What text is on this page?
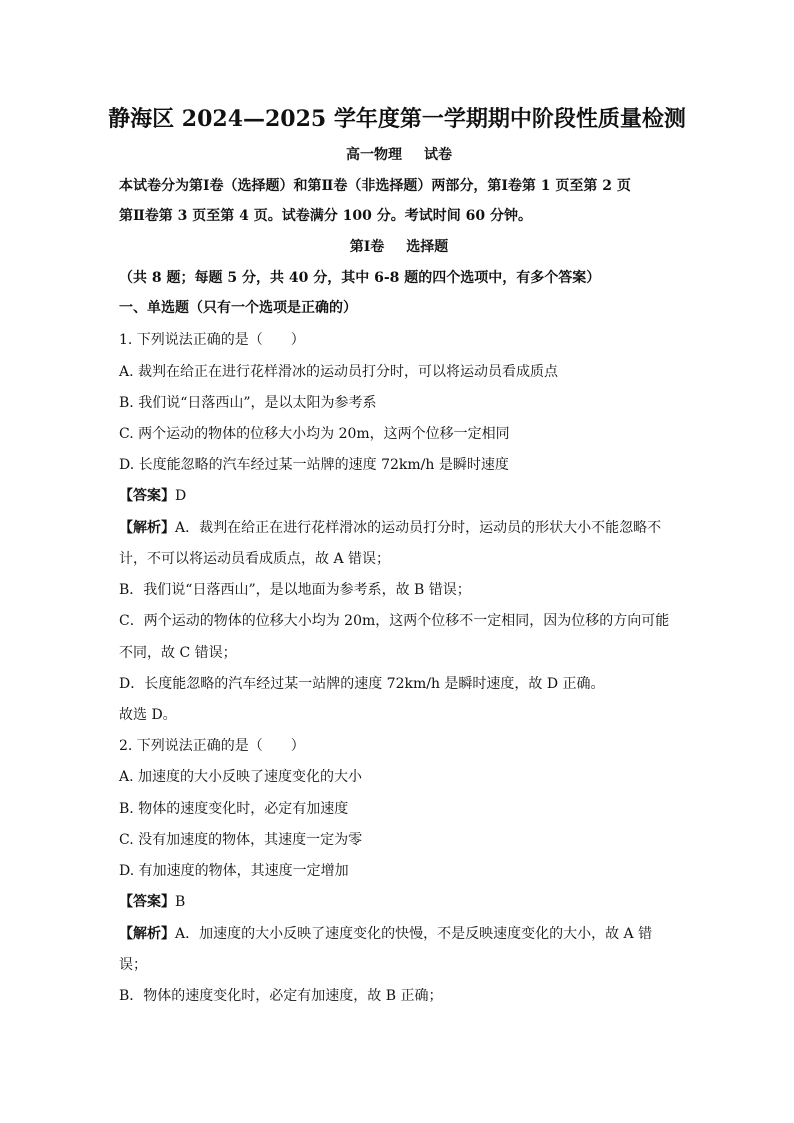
静海区 2024—2025 学年度第一学期期中阶段性质量检测
高一物理 试卷
本试卷分为第Ⅰ卷（选择题）和第Ⅱ卷（非选择题）两部分，第Ⅰ卷第 1 页至第 2 页
第Ⅱ卷第 3 页至第 4 页。试卷满分 100 分。考试时间 60 分钟。
第Ⅰ卷 选择题
（共 8 题；每题 5 分，共 40 分，其中 6-8 题的四个选项中，有多个答案）
一、单选题（只有一个选项是正确的）
1. 下列说法正确的是（　　）
A. 裁判在给正在进行花样滑冰的运动员打分时，可以将运动员看成质点
B. 我们说“日落西山”，是以太阳为参考系
C. 两个运动的物体的位移大小均为 20m，这两个位移一定相同
D. 长度能忽略的汽车经过某一站牌的速度 72km/h 是瞬时速度
【答案】D
【解析】A．裁判在给正在进行花样滑冰的运动员打分时，运动员的形状大小不能忽略不
计，不可以将运动员看成质点，故 A 错误；
B．我们说“日落西山”，是以地面为参考系，故 B 错误；
C．两个运动的物体的位移大小均为 20m，这两个位移不一定相同，因为位移的方向可能
不同，故 C 错误；
D．长度能忽略的汽车经过某一站牌的速度 72km/h 是瞬时速度，故 D 正确。
故选 D。
2. 下列说法正确的是（　　）
A. 加速度的大小反映了速度变化的大小
B. 物体的速度变化时，必定有加速度
C. 没有加速度的物体，其速度一定为零
D. 有加速度的物体，其速度一定增加
【答案】B
【解析】A．加速度的大小反映了速度变化的快慢，不是反映速度变化的大小，故 A 错
误；
B．物体的速度变化时，必定有加速度，故 B 正确；
